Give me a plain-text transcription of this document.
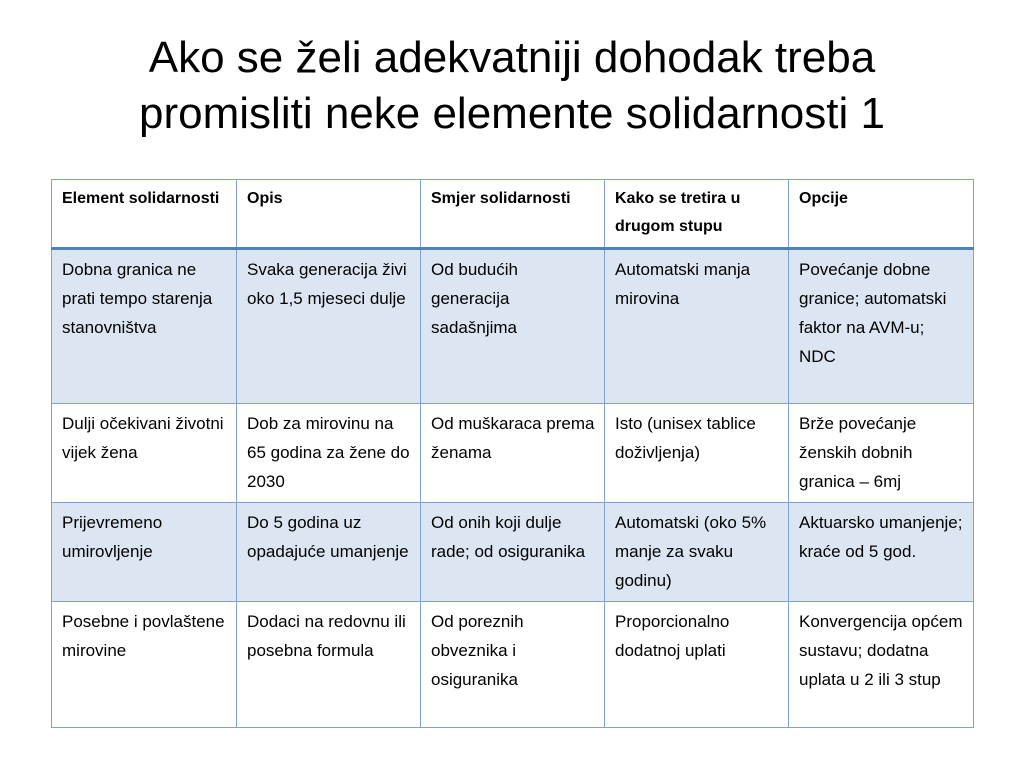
Ako se želi adekvatniji dohodak treba
promisliti neke elemente solidarnosti 1
Element solidarnosti	Opis	Smjer solidarnosti	Kako se tretira u drugom stupu	Opcije
Dobna granica ne prati tempo starenja stanovništva	Svaka generacija živi oko 1,5 mjeseci dulje	Od budućih generacija sadašnjima	Automatski manja mirovina	Povećanje dobne granice; automatski faktor na AVM-u; NDC
Dulji očekivani životni vijek žena	Dob za mirovinu na 65 godina za žene do 2030	Od muškaraca prema ženama	Isto (unisex tablice doživljenja)	Brže povećanje ženskih dobnih granica – 6mj
Prijevremeno umirovljenje	Do 5 godina uz opadajuće umanjenje	Od onih koji dulje rade; od osiguranika	Automatski (oko 5% manje za svaku godinu)	Aktuarsko umanjenje; kraće od 5 god.
Posebne i povlaštene mirovine	Dodaci na redovnu ili posebna formula	Od poreznih obveznika i osiguranika	Proporcionalno dodatnoj uplati	Konvergencija općem sustavu; dodatna uplata u 2 ili 3 stup
